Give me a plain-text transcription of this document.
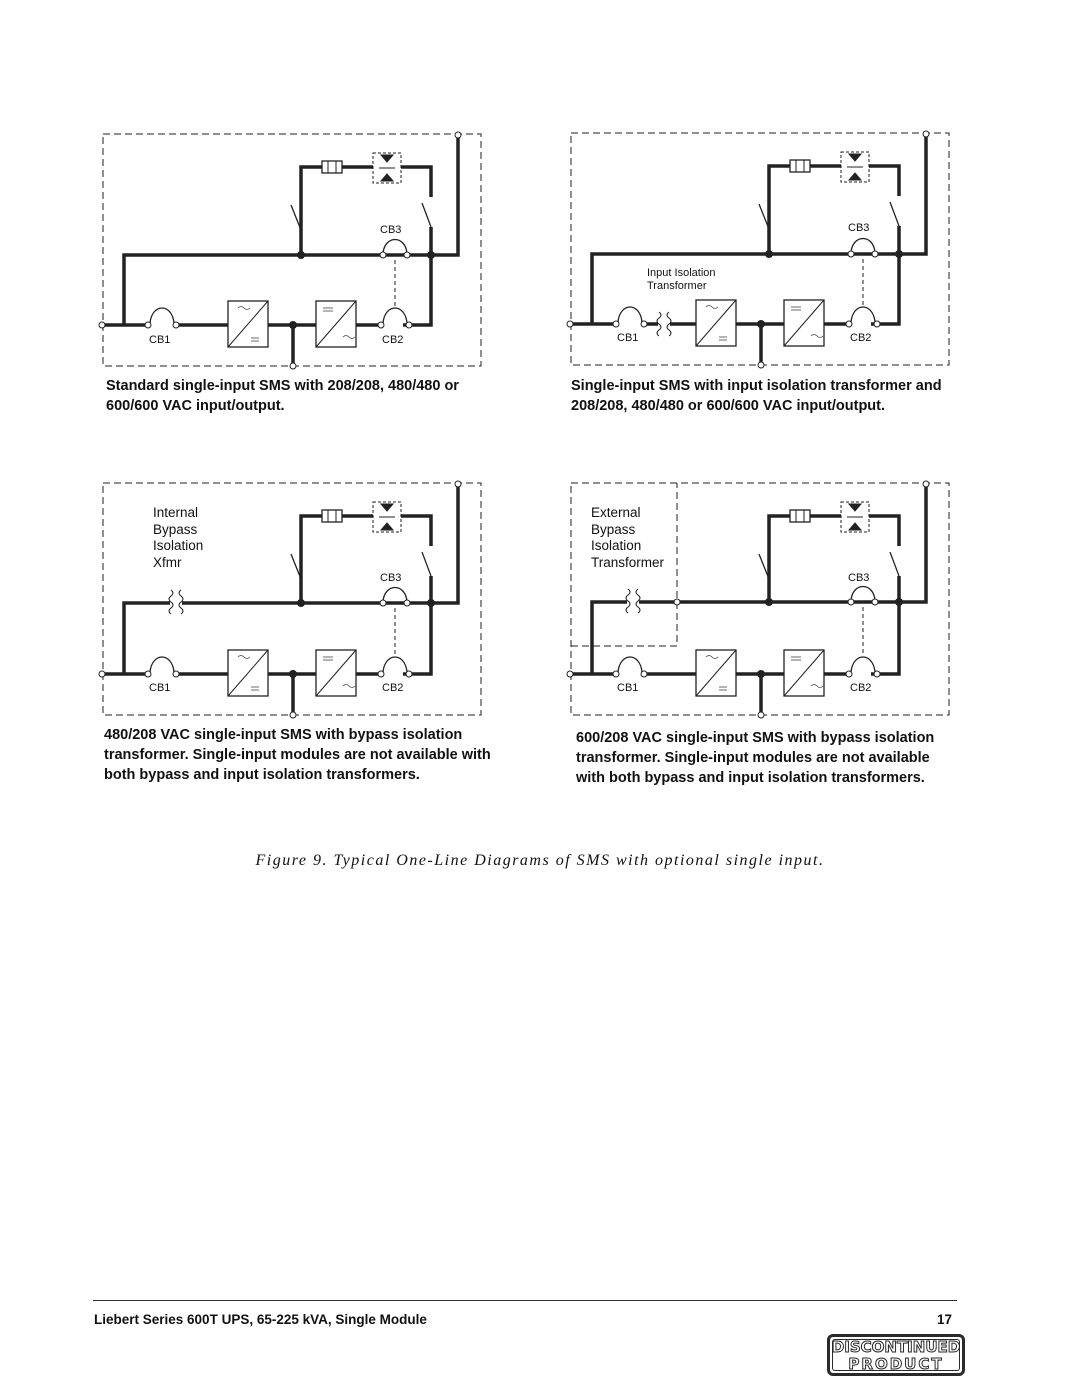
CB3
CB1	CB2
Standard single-input SMS with 208/208, 480/480 or 600/600 VAC input/output.
CB3
CB1	CB2
Input Isolation
Transformer
Single-input SMS with input isolation transformer and 208/208, 480/480 or 600/600 VAC input/output.
CB3
CB1	CB2
Internal
Bypass
Isolation
Xfmr
480/208 VAC single-input SMS with bypass isolation transformer. Single-input modules are not available with both bypass and input isolation transformers.
CB3
CB1	CB2
External
Bypass
Isolation
Transformer
600/208 VAC single-input SMS with bypass isolation transformer. Single-input modules are not available with both bypass and input isolation transformers.
Figure 9. Typical One-Line Diagrams of SMS with optional single input.
Liebert Series 600T UPS, 65-225 kVA, Single Module	17
DISCONTINUED
PRODUCT
